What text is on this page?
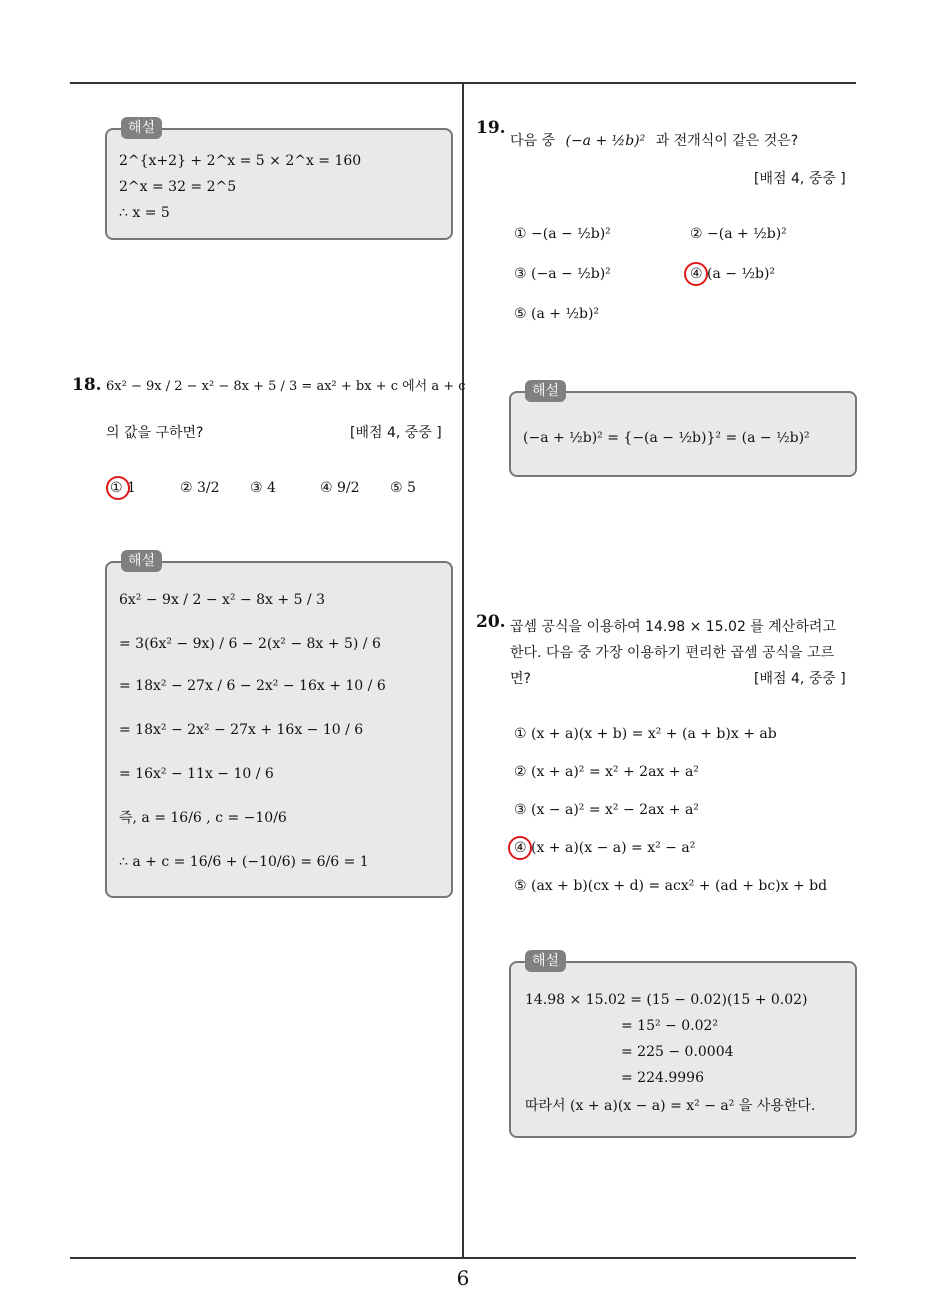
해설
2^{x+2} + 2^x = 5 × 2^x = 160
2^x = 32 = 2^5
∴ x = 5
18. 6x² − 9x / 2 − x² − 8x + 5 / 3 = ax² + bx + c 에서 a + c
의 값을 구하면?	[배점 4, 중중 ]
① 1	② 3/2 ③ 4	④ 9/2 ⑤ 5
해설
6x² − 9x / 2 − x² − 8x + 5 / 3
= 3(6x² − 9x) / 6 − 2(x² − 8x + 5) / 6
= 18x² − 27x / 6 − 2x² − 16x + 10 / 6
= 18x² − 2x² − 27x + 16x − 10 / 6
= 16x² − 11x − 10 / 6
즉, a = 16/6 , c = −10/6
∴ a + c = 16/6 + (−10/6) = 6/6 = 1
19.
다음 중 (−a + ½b)² 과 전개식이 같은 것은?
[배점 4, 중중 ]
① −(a − ½b)²	② −(a + ½b)²
③ (−a − ½b)²	④ (a − ½b)²
⑤ (a + ½b)²
해설
(−a + ½b)² = {−(a − ½b)}² = (a − ½b)²
20. 곱셈 공식을 이용하여 14.98 × 15.02 를 계산하려고
한다. 다음 중 가장 이용하기 편리한 곱셈 공식을 고르
면?	[배점 4, 중중 ]
① (x + a)(x + b) = x² + (a + b)x + ab
② (x + a)² = x² + 2ax + a²
③ (x − a)² = x² − 2ax + a²
④ (x + a)(x − a) = x² − a²
⑤ (ax + b)(cx + d) = acx² + (ad + bc)x + bd
해설
14.98 × 15.02 = (15 − 0.02)(15 + 0.02)
= 15² − 0.02²
= 225 − 0.0004
= 224.9996
따라서 (x + a)(x − a) = x² − a² 을 사용한다.
6
